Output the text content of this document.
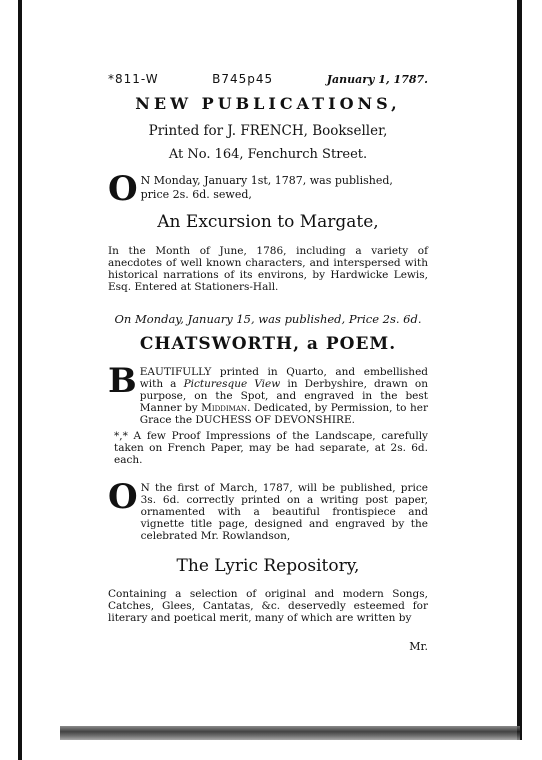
*811-W	B745p45	January 1, 1787.
NEW PUBLICATIONS,
Printed for J. FRENCH, Bookseller,
At No. 164, Fenchurch Street.
O N Monday, January 1st, 1787, was published,
price 2s. 6d. sewed,
An Excursion to Margate,
In the Month of June, 1786, including a variety of anecdotes of well known characters, and interspersed with historical narrations of its environs, by Hardwicke Lewis, Esq. Entered at Stationers-Hall.
On Monday, January 15, was published, Price 2s. 6d.
CHATSWORTH, a POEM.
B EAUTIFULLY printed in Quarto, and embellished with a Picturesque View in Derbyshire, drawn on purpose, on the Spot, and engraved in the best Manner by Middiman. Dedicated, by Permission, to her Grace the DUCHESS OF DEVONSHIRE.
*,* A few Proof Impressions of the Landscape, carefully taken on French Paper, may be had separate, at 2s. 6d. each.
O N the first of March, 1787, will be published, price 3s. 6d. correctly printed on a writing post paper, ornamented with a beautiful frontispiece and vignette title page, designed and engraved by the celebrated Mr. Rowlandson,
The Lyric Repository,
Containing a selection of original and modern Songs, Catches, Glees, Cantatas, &c. deservedly esteemed for literary and poetical merit, many of which are written by
Mr.
